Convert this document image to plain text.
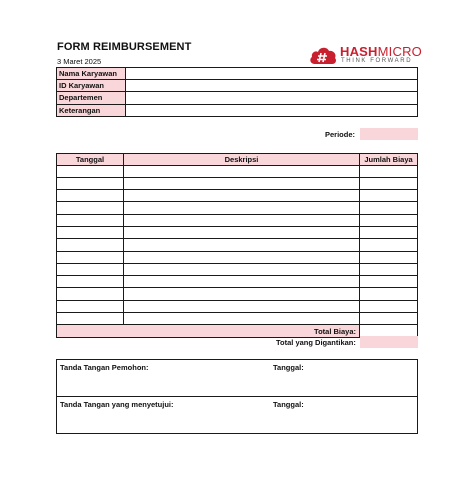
FORM REIMBURSEMENT
3 Maret 2025
HASHMICRO
THINK FORWARD
Nama Karyawan	
ID Karyawan	
Departemen	
Keterangan	
Periode:
Tanggal	Deskripsi	Jumlah Biaya

Total Biaya:		
Total yang Digantikan:
Tanda Tangan Pemohon:	Tanggal:

Tanda Tangan yang menyetujui:	Tanggal:
